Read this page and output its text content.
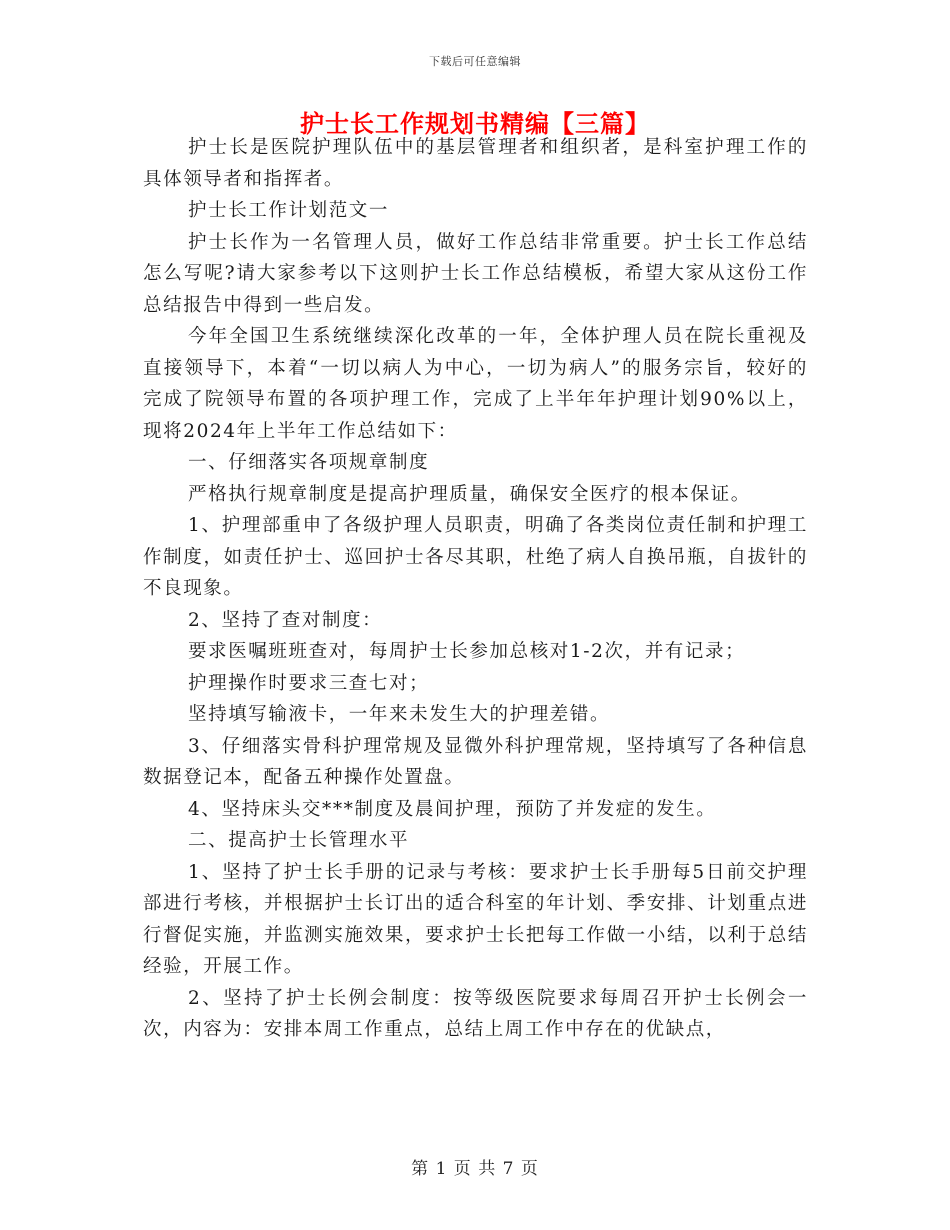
下载后可任意编辑
护士长工作规划书精编【三篇】

护士长是医院护理队伍中的基层管理者和组织者，是科室护理工作的具体领导者和指挥者。

护士长工作计划范文一

护士长作为一名管理人员，做好工作总结非常重要。护士长工作总结怎么写呢?请大家参考以下这则护士长工作总结模板，希望大家从这份工作总结报告中得到一些启发。

今年全国卫生系统继续深化改革的一年，全体护理人员在院长重视及直接领导下，本着“一切以病人为中心，一切为病人”的服务宗旨，较好的完成了院领导布置的各项护理工作，完成了上半年年护理计划90%以上，现将2024年上半年工作总结如下：

一、仔细落实各项规章制度

严格执行规章制度是提高护理质量，确保安全医疗的根本保证。

1、护理部重申了各级护理人员职责，明确了各类岗位责任制和护理工作制度，如责任护士、巡回护士各尽其职，杜绝了病人自换吊瓶，自拔针的不良现象。

2、坚持了查对制度：

要求医嘱班班查对，每周护士长参加总核对1-2次，并有记录；

护理操作时要求三查七对；

坚持填写输液卡，一年来未发生大的护理差错。

3、仔细落实骨科护理常规及显微外科护理常规，坚持填写了各种信息数据登记本，配备五种操作处置盘。

4、坚持床头交***制度及晨间护理，预防了并发症的发生。

二、提高护士长管理水平

1、坚持了护士长手册的记录与考核：要求护士长手册每5日前交护理部进行考核，并根据护士长订出的适合科室的年计划、季安排、计划重点进行督促实施，并监测实施效果，要求护士长把每工作做一小结，以利于总结经验，开展工作。

2、坚持了护士长例会制度：按等级医院要求每周召开护士长例会一次，内容为：安排本周工作重点，总结上周工作中存在的优缺点，

第 1 页 共 7 页
